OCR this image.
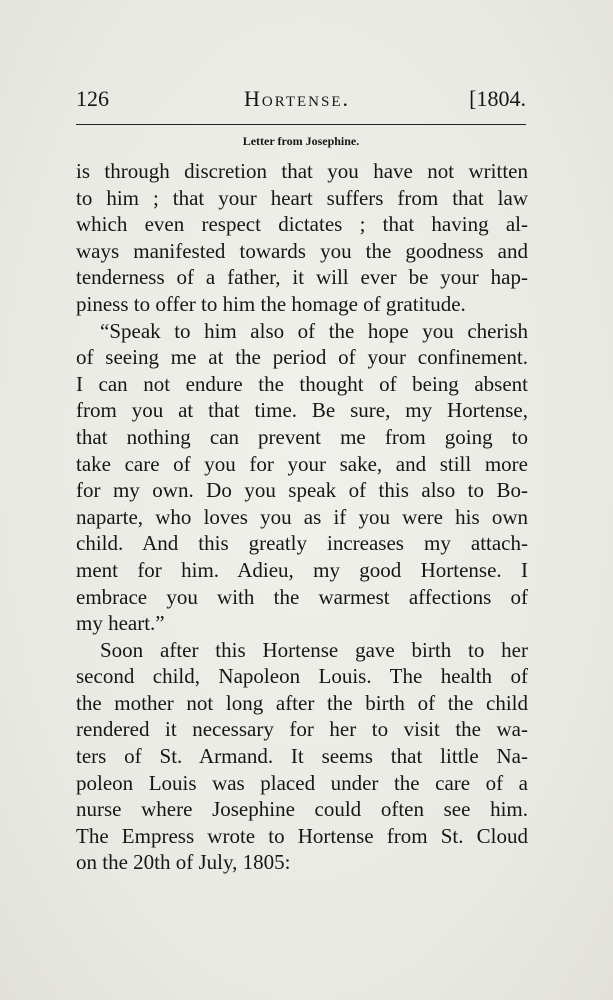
126	Hortense.	[1804.
Letter from Josephine.
is through discretion that you have not written
to him ; that your heart suffers from that law
which even respect dictates ; that having al-
ways manifested towards you the goodness and
tenderness of a father, it will ever be your hap-
piness to offer to him the homage of gratitude.
“Speak to him also of the hope you cherish
of seeing me at the period of your confinement.
I can not endure the thought of being absent
from you at that time. Be sure, my Hortense,
that nothing can prevent me from going to
take care of you for your sake, and still more
for my own. Do you speak of this also to Bo-
naparte, who loves you as if you were his own
child. And this greatly increases my attach-
ment for him. Adieu, my good Hortense. I
embrace you with the warmest affections of
my heart.”
Soon after this Hortense gave birth to her
second child, Napoleon Louis. The health of
the mother not long after the birth of the child
rendered it necessary for her to visit the wa-
ters of St. Armand. It seems that little Na-
poleon Louis was placed under the care of a
nurse where Josephine could often see him.
The Empress wrote to Hortense from St. Cloud
on the 20th of July, 1805:
